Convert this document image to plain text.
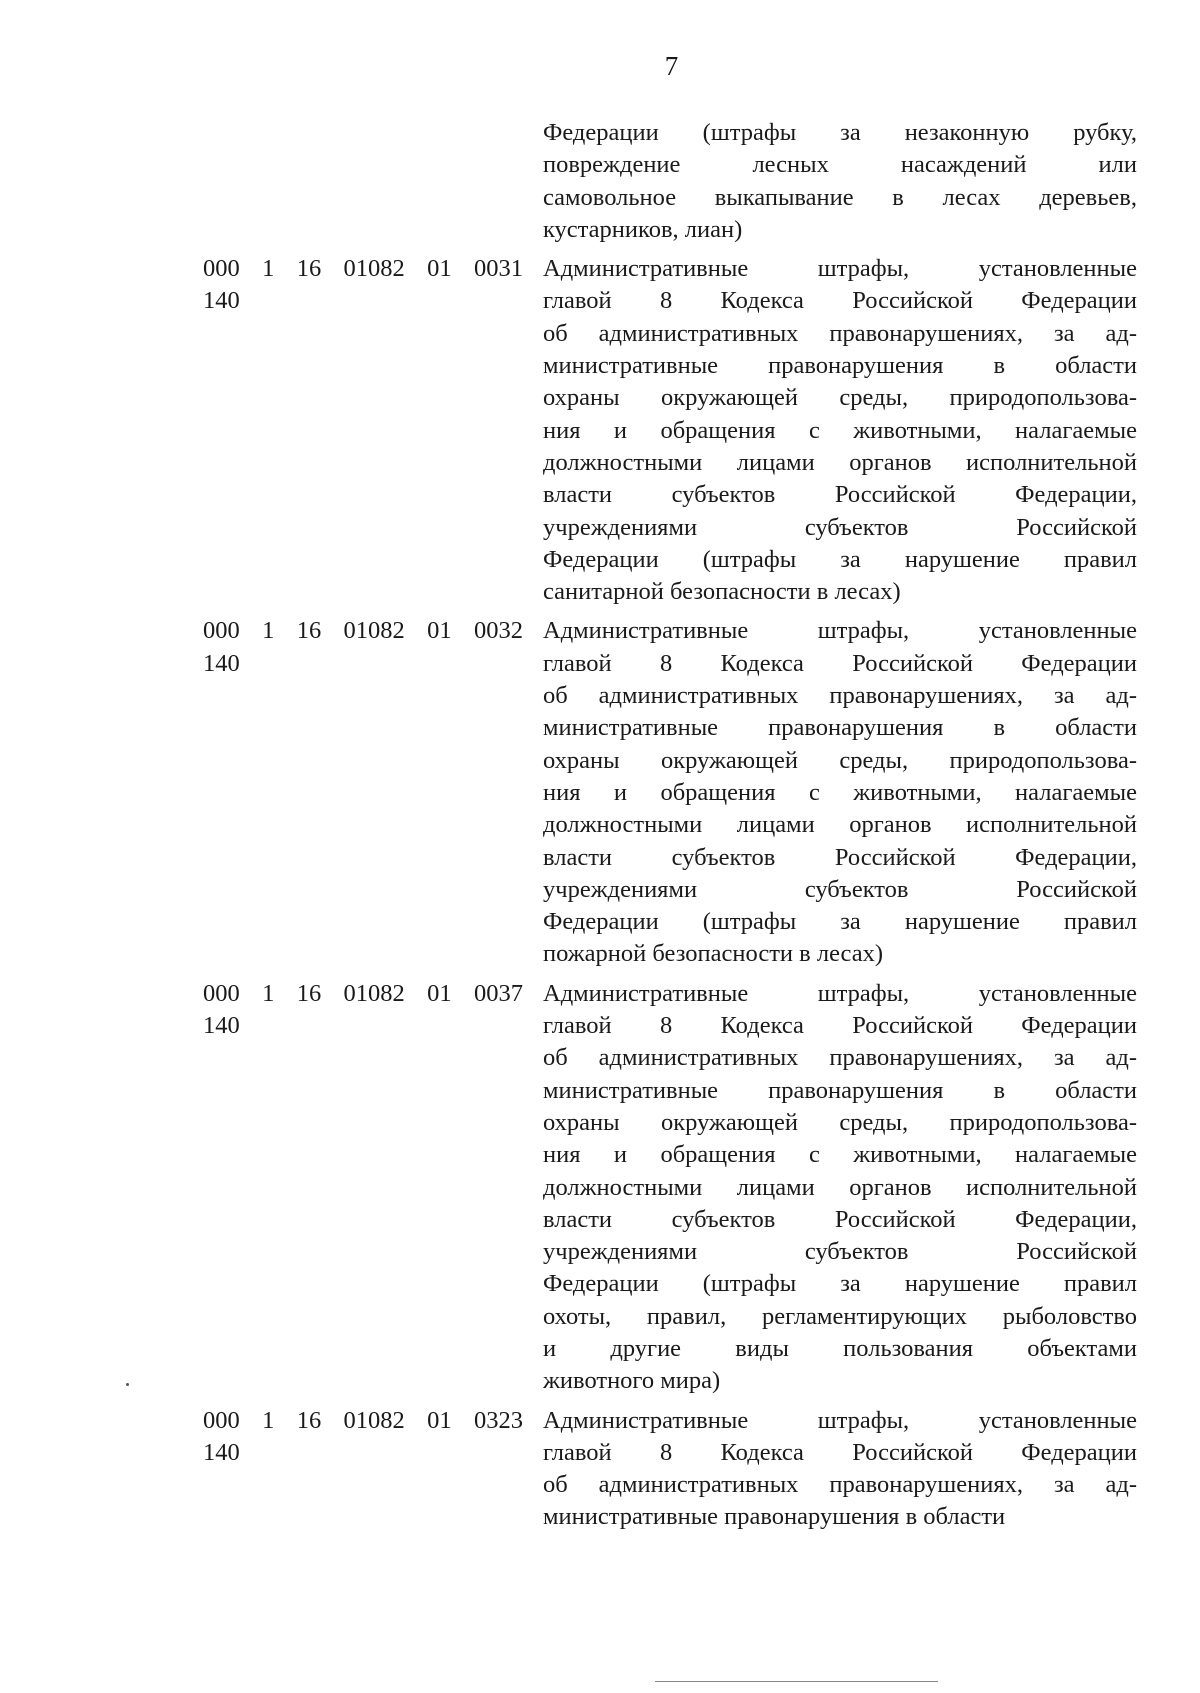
7
Федерации (штрафы за незаконную рубку,
повреждение лесных насаждений или
самовольное выкапывание в лесах деревьев,
кустарников, лиан)
000 1 16 01082 01 0031
140
Административные штрафы, установленные
главой 8 Кодекса Российской Федерации
об административных правонарушениях, за ад-
министративные правонарушения в области
охраны окружающей среды, природопользова-
ния и обращения с животными, налагаемые
должностными лицами органов исполнительной
власти субъектов Российской Федерации,
учреждениями субъектов Российской
Федерации (штрафы за нарушение правил
санитарной безопасности в лесах)
000 1 16 01082 01 0032
140
Административные штрафы, установленные
главой 8 Кодекса Российской Федерации
об административных правонарушениях, за ад-
министративные правонарушения в области
охраны окружающей среды, природопользова-
ния и обращения с животными, налагаемые
должностными лицами органов исполнительной
власти субъектов Российской Федерации,
учреждениями субъектов Российской
Федерации (штрафы за нарушение правил
пожарной безопасности в лесах)
000 1 16 01082 01 0037
140
Административные штрафы, установленные
главой 8 Кодекса Российской Федерации
об административных правонарушениях, за ад-
министративные правонарушения в области
охраны окружающей среды, природопользова-
ния и обращения с животными, налагаемые
должностными лицами органов исполнительной
власти субъектов Российской Федерации,
учреждениями субъектов Российской
Федерации (штрафы за нарушение правил
охоты, правил, регламентирующих рыболовство
и другие виды пользования объектами
животного мира)
000 1 16 01082 01 0323
140
Административные штрафы, установленные
главой 8 Кодекса Российской Федерации
об административных правонарушениях, за ад-
министративные правонарушения в области
